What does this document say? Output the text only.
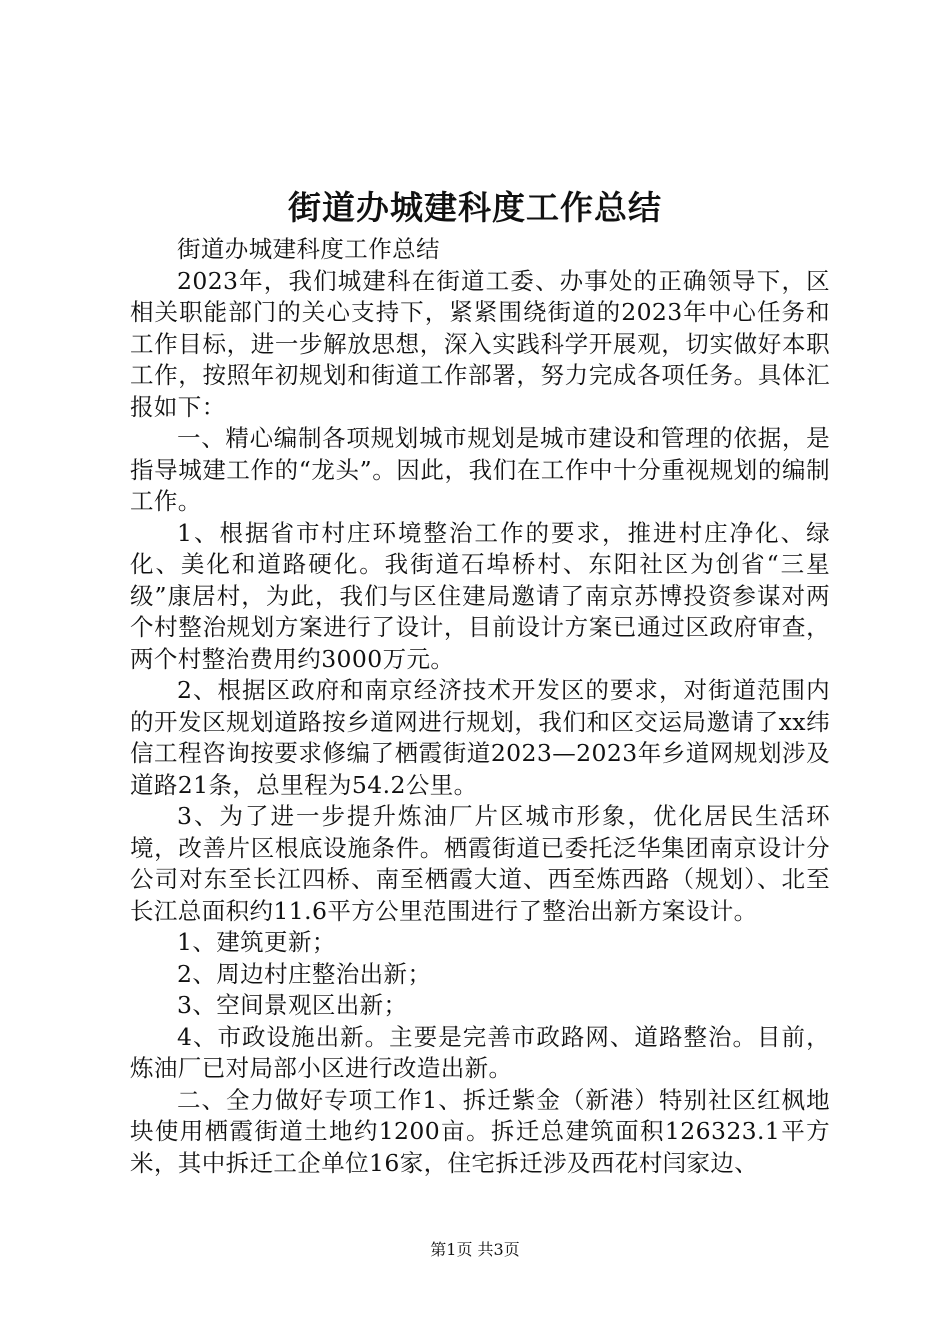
街道办城建科度工作总结

街道办城建科度工作总结

2023年，我们城建科在街道工委、办事处的正确领导下，区相关职能部门的关心支持下，紧紧围绕街道的2023年中心任务和工作目标，进一步解放思想，深入实践科学开展观，切实做好本职工作，按照年初规划和街道工作部署，努力完成各项任务。具体汇报如下：

一、精心编制各项规划城市规划是城市建设和管理的依据，是指导城建工作的“龙头”。因此，我们在工作中十分重视规划的编制工作。

1、根据省市村庄环境整治工作的要求，推进村庄净化、绿化、美化和道路硬化。我街道石埠桥村、东阳社区为创省“三星级”康居村，为此，我们与区住建局邀请了南京苏博投资参谋对两个村整治规划方案进行了设计，目前设计方案已通过区政府审查，两个村整治费用约3000万元。

2、根据区政府和南京经济技术开发区的要求，对街道范围内的开发区规划道路按乡道网进行规划，我们和区交运局邀请了xx纬信工程咨询按要求修编了栖霞街道2023—2023年乡道网规划涉及道路21条，总里程为54.2公里。

3、为了进一步提升炼油厂片区城市形象，优化居民生活环境，改善片区根底设施条件。栖霞街道已委托泛华集团南京设计分公司对东至长江四桥、南至栖霞大道、西至炼西路（规划）、北至长江总面积约11.6平方公里范围进行了整治出新方案设计。

1、建筑更新；

2、周边村庄整治出新；

3、空间景观区出新；

4、市政设施出新。主要是完善市政路网、道路整治。目前，炼油厂已对局部小区进行改造出新。

二、全力做好专项工作1、拆迁紫金（新港）特别社区红枫地块使用栖霞街道土地约1200亩。拆迁总建筑面积126323.1平方米，其中拆迁工企单位16家，住宅拆迁涉及西花村闫家边、

第1页 共3页
